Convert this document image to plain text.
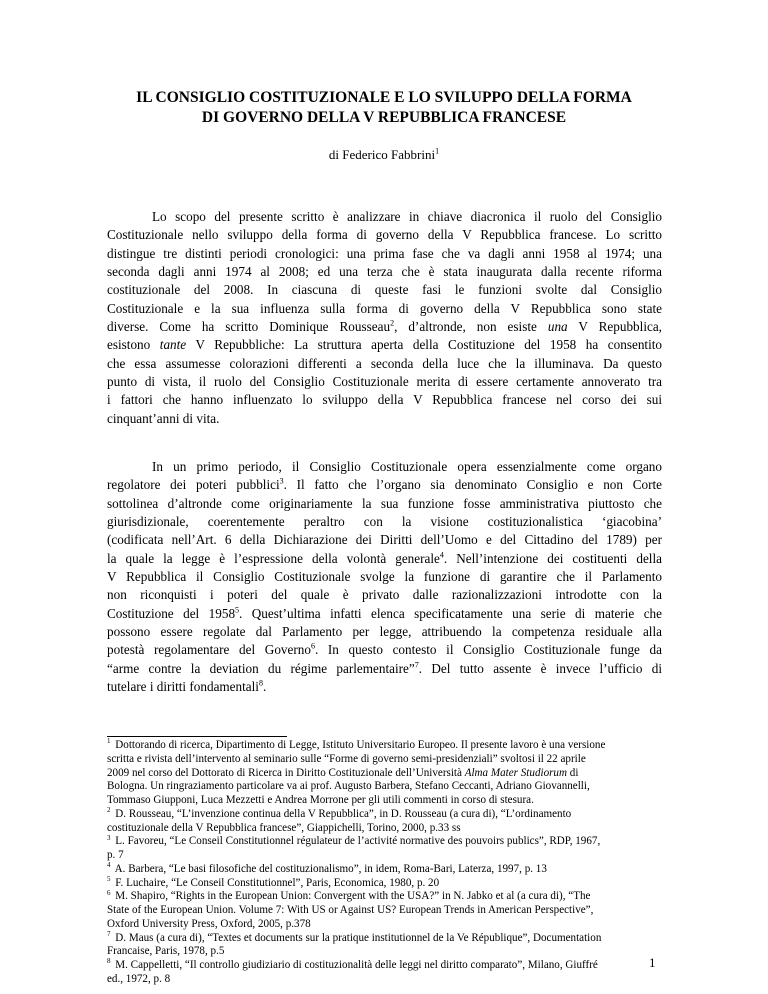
IL CONSIGLIO COSTITUZIONALE E LO SVILUPPO DELLA FORMA
DI GOVERNO DELLA V REPUBBLICA FRANCESE

di Federico Fabbrini$^1$

Lo scopo del presente scritto è analizzare in chiave diacronica il ruolo del Consiglio
Costituzionale nello sviluppo della forma di governo della V Repubblica francese. Lo scritto
distingue tre distinti periodi cronologici: una prima fase che va dagli anni 1958 al 1974; una
seconda dagli anni 1974 al 2008; ed una terza che è stata inaugurata dalla recente riforma
costituzionale del 2008. In ciascuna di queste fasi le funzioni svolte dal Consiglio
Costituzionale e la sua influenza sulla forma di governo della V Repubblica sono state
diverse. Come ha scritto Dominique Rousseau$^2$, d’altronde, non esiste una V Repubblica,
esistono tante V Repubbliche: La struttura aperta della Costituzione del 1958 ha consentito
che essa assumesse colorazioni differenti a seconda della luce che la illuminava. Da questo
punto di vista, il ruolo del Consiglio Costituzionale merita di essere certamente annoverato tra
i fattori che hanno influenzato lo sviluppo della V Repubblica francese nel corso dei sui
cinquant’anni di vita.
In un primo periodo, il Consiglio Costituzionale opera essenzialmente come organo
regolatore dei poteri pubblici$^3$. Il fatto che l’organo sia denominato Consiglio e non Corte
sottolinea d’altronde come originariamente la sua funzione fosse amministrativa piuttosto che
giurisdizionale, coerentemente peraltro con la visione costituzionalistica ‘giacobina’
(codificata nell’Art. 6 della Dichiarazione dei Diritti dell’Uomo e del Cittadino del 1789) per
la quale la legge è l’espressione della volontà generale$^4$. Nell’intenzione dei costituenti della
V Repubblica il Consiglio Costituzionale svolge la funzione di garantire che il Parlamento
non riconquisti i poteri del quale è privato dalle razionalizzazioni introdotte con la
Costituzione del 1958$^5$. Quest’ultima infatti elenca specificatamente una serie di materie che
possono essere regolate dal Parlamento per legge, attribuendo la competenza residuale alla
potestà regolamentare del Governo$^6$. In questo contesto il Consiglio Costituzionale funge da
“arme contre la deviation du régime parlementaire”$^7$. Del tutto assente è invece l’ufficio di
tutelare i diritti fondamentali$^8$.
$^1$ Dottorando di ricerca, Dipartimento di Legge, Istituto Universitario Europeo. Il presente lavoro è una versione
scritta e rivista dell’intervento al seminario sulle “Forme di governo semi-presidenziali” svoltosi il 22 aprile
2009 nel corso del Dottorato di Ricerca in Diritto Costituzionale dell’Università Alma Mater Studiorum di
Bologna. Un ringraziamento particolare va ai prof. Augusto Barbera, Stefano Ceccanti, Adriano Giovannelli,
Tommaso Giupponi, Luca Mezzetti e Andrea Morrone per gli utili commenti in corso di stesura.
$^2$ D. Rousseau, “L’invenzione continua della V Repubblica”, in D. Rousseau (a cura di), “L’ordinamento
costituzionale della V Repubblica francese”, Giappichelli, Torino, 2000, p.33 ss
$^3$ L. Favoreu, “Le Conseil Constitutionnel régulateur de l’activité normative des pouvoirs publics”, RDP, 1967,
p. 7
$^4$ A. Barbera, “Le basi filosofiche del costituzionalismo”, in idem, Roma-Bari, Laterza, 1997, p. 13
$^5$ F. Luchaire, “Le Conseil Constitutionnel”, Paris, Economica, 1980, p. 20
$^6$ M. Shapiro, “Rights in the European Union: Convergent with the USA?” in N. Jabko et al (a cura di), “The
State of the European Union. Volume 7: With US or Against US? European Trends in American Perspective”,
Oxford University Press, Oxford, 2005, p.378
$^7$ D. Maus (a cura di), “Textes et documents sur la pratique institutionnel de la Ve République”, Documentation
Francaise, Paris, 1978, p.5
$^8$ M. Cappelletti, “Il controllo giudiziario di costituzionalità delle leggi nel diritto comparato”, Milano, Giuffré
ed., 1972, p. 8
1
